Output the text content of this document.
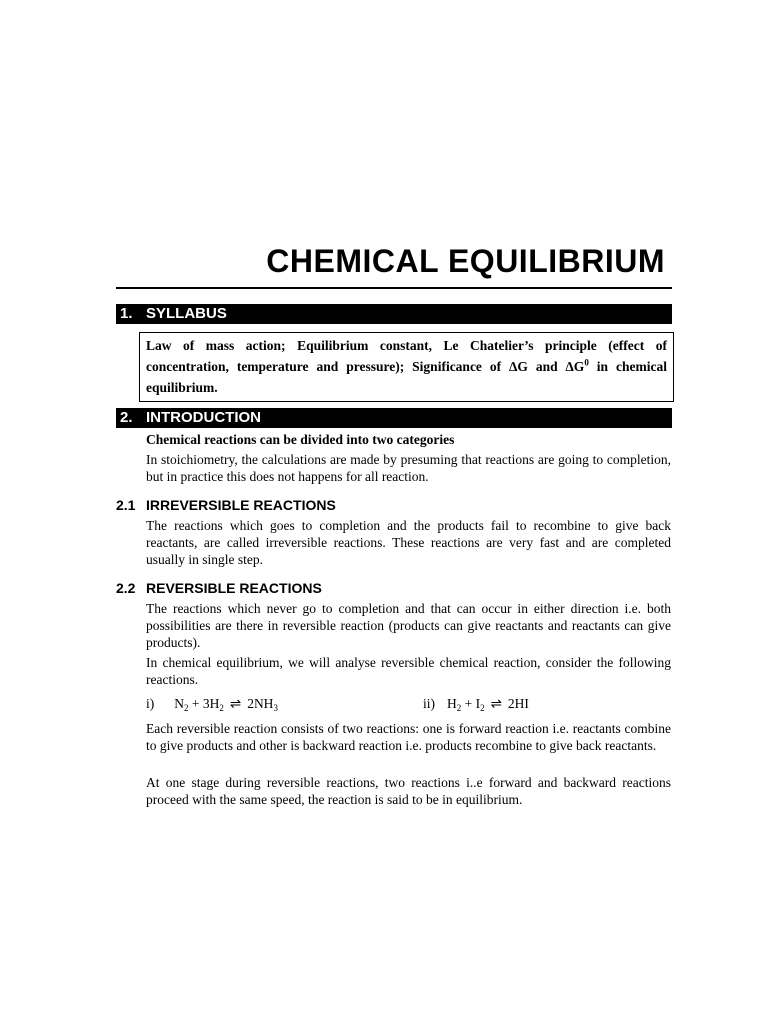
CHEMICAL EQUILIBRIUM
1. SYLLABUS
Law of mass action; Equilibrium constant, Le Chatelier’s principle (effect of concentration, temperature and pressure); Significance of ∆G and $\Delta G^0$ in chemical equilibrium.
2. INTRODUCTION
Chemical reactions can be divided into two categories
In stoichiometry, the calculations are made by presuming that reactions are going to completion, but in practice this does not happens for all reaction.
2.1 IRREVERSIBLE REACTIONS
The reactions which goes to completion and the products fail to recombine to give back reactants, are called irreversible reactions. These reactions are very fast and are completed usually in single step.
2.2 REVERSIBLE REACTIONS
The reactions which never go to completion and that can occur in either direction i.e. both possibilities are there in reversible reaction (products can give reactants and reactants can give products).
In chemical equilibrium, we will analyse reversible chemical reaction, consider the following reactions.
i) $N_2 + 3H_2$ ⇌ $2NH_3$	ii) $H_2 + I_2$ ⇌ 2HI
Each reversible reaction consists of two reactions: one is forward reaction i.e. reactants combine to give products and other is backward reaction i.e. products recombine to give back reactants.
At one stage during reversible reactions, two reactions i..e forward and backward reactions proceed with the same speed, the reaction is said to be in equilibrium.
